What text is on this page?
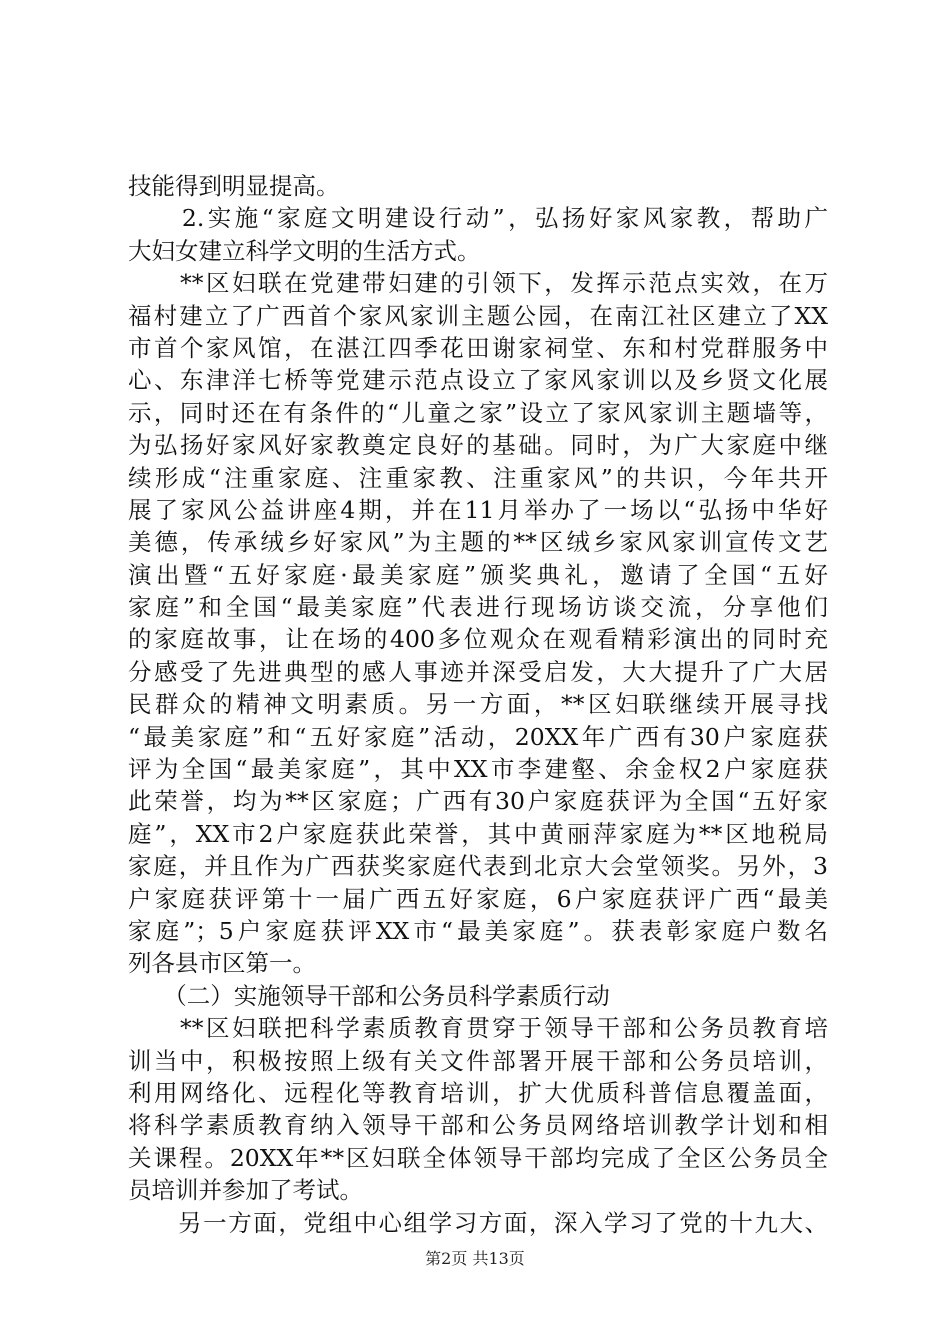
技能得到明显提高。
　　2.实施“家庭文明建设行动”，弘扬好家风家教，帮助广
大妇女建立科学文明的生活方式。
　　**区妇联在党建带妇建的引领下，发挥示范点实效，在万
福村建立了广西首个家风家训主题公园，在南江社区建立了XX
市首个家风馆，在湛江四季花田谢家祠堂、东和村党群服务中
心、东津洋七桥等党建示范点设立了家风家训以及乡贤文化展
示，同时还在有条件的“儿童之家”设立了家风家训主题墙等，
为弘扬好家风好家教奠定良好的基础。同时，为广大家庭中继
续形成“注重家庭、注重家教、注重家风”的共识，今年共开
展了家风公益讲座4期，并在11月举办了一场以“弘扬中华好
美德，传承绒乡好家风”为主题的**区绒乡家风家训宣传文艺
演出暨“五好家庭·最美家庭”颁奖典礼，邀请了全国“五好
家庭”和全国“最美家庭”代表进行现场访谈交流，分享他们
的家庭故事，让在场的400多位观众在观看精彩演出的同时充
分感受了先进典型的感人事迹并深受启发，大大提升了广大居
民群众的精神文明素质。另一方面，**区妇联继续开展寻找
“最美家庭”和“五好家庭”活动，20XX年广西有30户家庭获
评为全国“最美家庭”，其中XX市李建壑、余金权2户家庭获
此荣誉，均为**区家庭；广西有30户家庭获评为全国“五好家
庭”，XX市2户家庭获此荣誉，其中黄丽萍家庭为**区地税局
家庭，并且作为广西获奖家庭代表到北京大会堂领奖。另外，3
户家庭获评第十一届广西五好家庭，6户家庭获评广西“最美
家庭”；5户家庭获评XX市“最美家庭”。获表彰家庭户数名
列各县市区第一。
　　（二）实施领导干部和公务员科学素质行动
　　**区妇联把科学素质教育贯穿于领导干部和公务员教育培
训当中，积极按照上级有关文件部署开展干部和公务员培训，
利用网络化、远程化等教育培训，扩大优质科普信息覆盖面，
将科学素质教育纳入领导干部和公务员网络培训教学计划和相
关课程。20XX年**区妇联全体领导干部均完成了全区公务员全
员培训并参加了考试。
　　另一方面，党组中心组学习方面，深入学习了党的十九大、
第2页 共13页
